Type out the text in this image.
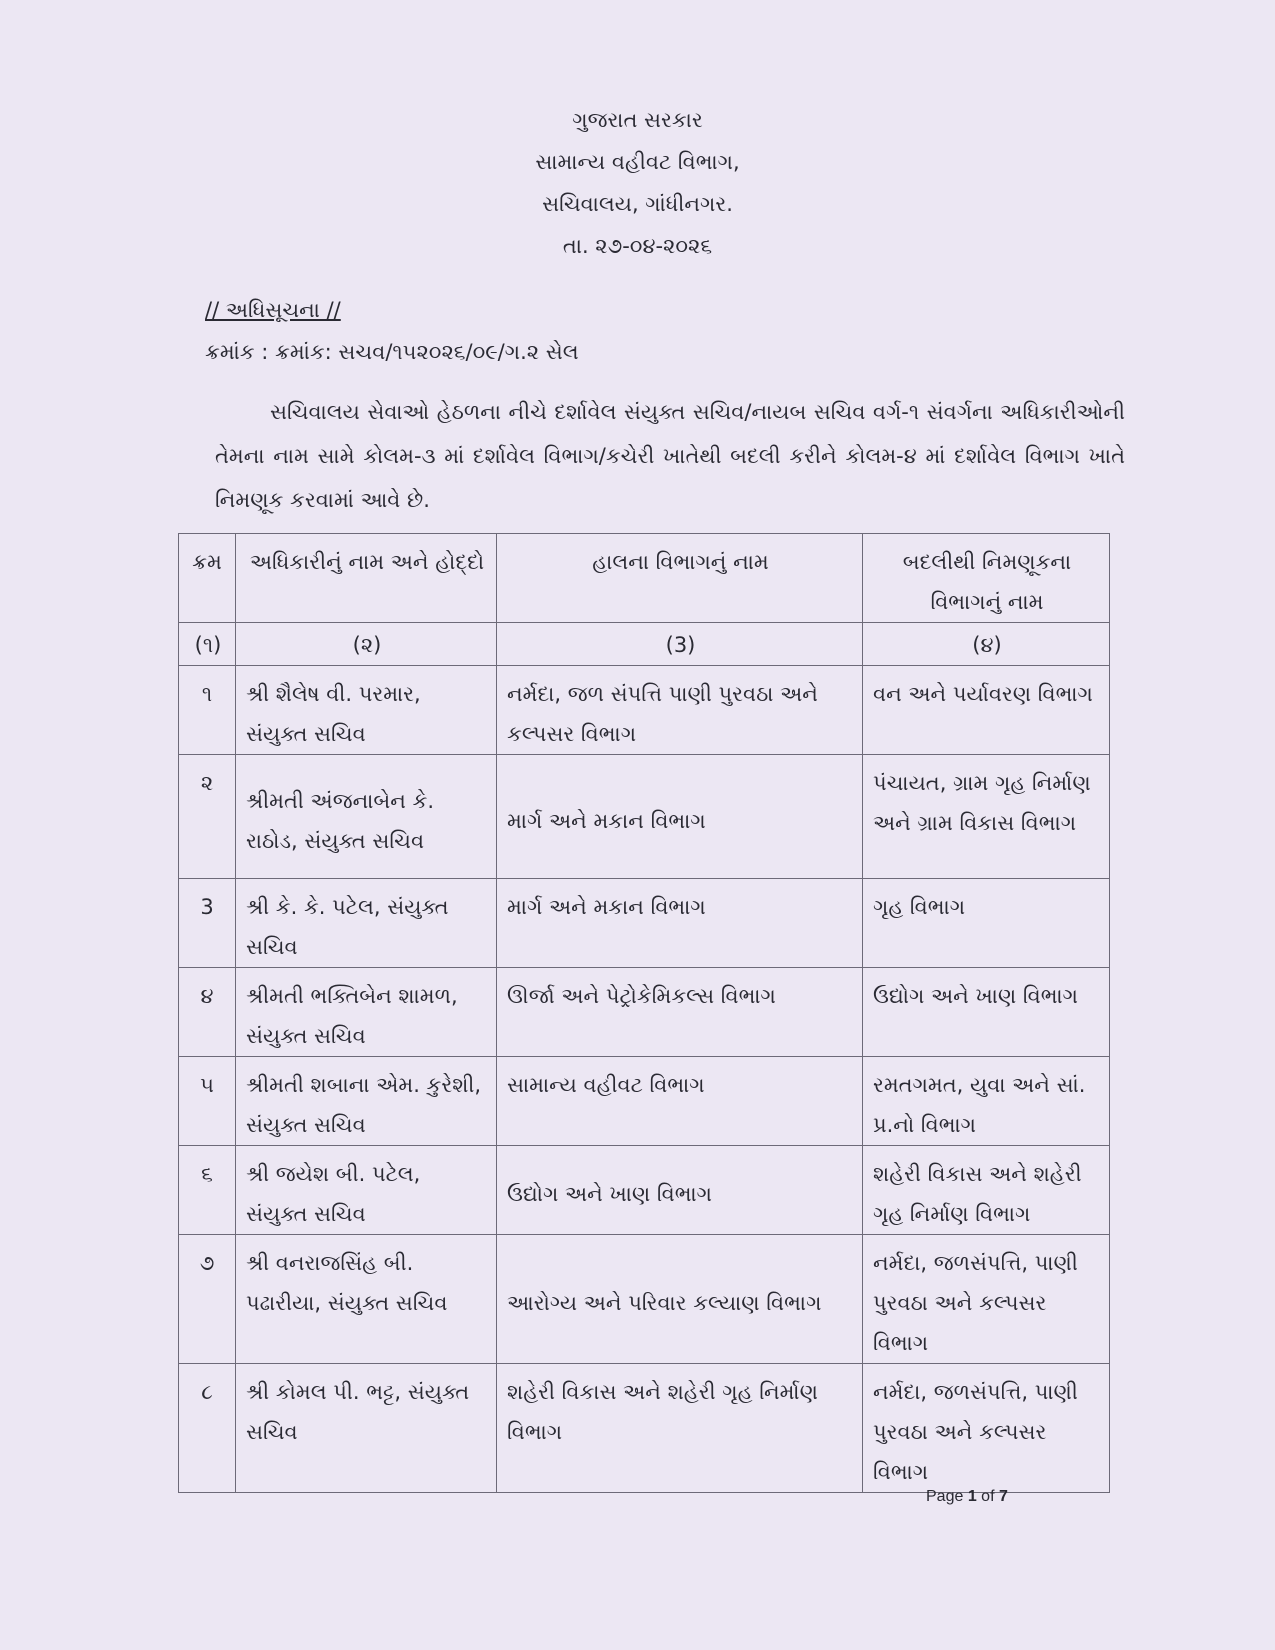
ગુજરાત સરકાર
સામાન્ય વહીવટ વિભાગ,
સચિવાલય, ગાંધીનગર.
તા. ૨૭-૦૪-૨૦૨૬
// અધિસૂચના //
ક્રમાંક : ક્રમાંક: સચવ/૧૫૨૦૨૬/૦૯/ગ.૨ સેલ
સચિવાલય સેવાઓ હેઠળના નીચે દર્શાવેલ સંયુક્ત સચિવ/નાયબ સચિવ વર્ગ-૧ સંવર્ગના અધિકારીઓની તેમના નામ સામે કોલમ-૩ માં દર્શાવેલ વિભાગ/કચેરી ખાતેથી બદલી કરીને કોલમ-૪ માં દર્શાવેલ વિભાગ ખાતે નિમણૂક કરવામાં આવે છે.
ક્રમ	અધિકારીનું નામ અને હોદ્દો	હાલના વિભાગનું નામ	બદલીથી નિમણૂકના વિભાગનું નામ
(૧)	(૨)	(3)	(૪)
૧	શ્રી શૈલેષ વી. પરમાર, સંયુક્ત સચિવ	નર્મદા, જળ સંપત્તિ પાણી પુરવઠા અને કલ્પસર વિભાગ	વન અને પર્યાવરણ વિભાગ
૨	શ્રીમતી અંજનાબેન કે. રાઠોડ, સંયુક્ત સચિવ	માર્ગ અને મકાન વિભાગ	પંચાયત, ગ્રામ ગૃહ નિર્માણ અને ગ્રામ વિકાસ વિભાગ
3	શ્રી કે. કે. પટેલ, સંયુક્ત સચિવ	માર્ગ અને મકાન વિભાગ	ગૃહ વિભાગ
૪	શ્રીમતી ભક્તિબેન શામળ, સંયુક્ત સચિવ	ઊર્જા અને પેટ્રોકેમિકલ્સ વિભાગ	ઉદ્યોગ અને ખાણ વિભાગ
૫	શ્રીમતી શબાના એમ. કુરેશી, સંયુક્ત સચિવ	સામાન્ય વહીવટ વિભાગ	રમતગમત, યુવા અને સાં. પ્ર.નો વિભાગ
૬	શ્રી જયેશ બી. પટેલ, સંયુક્ત સચિવ	ઉદ્યોગ અને ખાણ વિભાગ	શહેરી વિકાસ અને શહેરી ગૃહ નિર્માણ વિભાગ
૭	શ્રી વનરાજસિંહ બી. પઢારીયા, સંયુક્ત સચિવ	આરોગ્ય અને પરિવાર કલ્યાણ વિભાગ	નર્મદા, જળસંપત્તિ, પાણી પુરવઠા અને કલ્પસર વિભાગ
૮	શ્રી કોમલ પી. ભટ્ટ, સંયુક્ત સચિવ	શહેરી વિકાસ અને શહેરી ગૃહ નિર્માણ વિભાગ	નર્મદા, જળસંપત્તિ, પાણી પુરવઠા અને કલ્પસર વિભાગ
Page 1 of 7
